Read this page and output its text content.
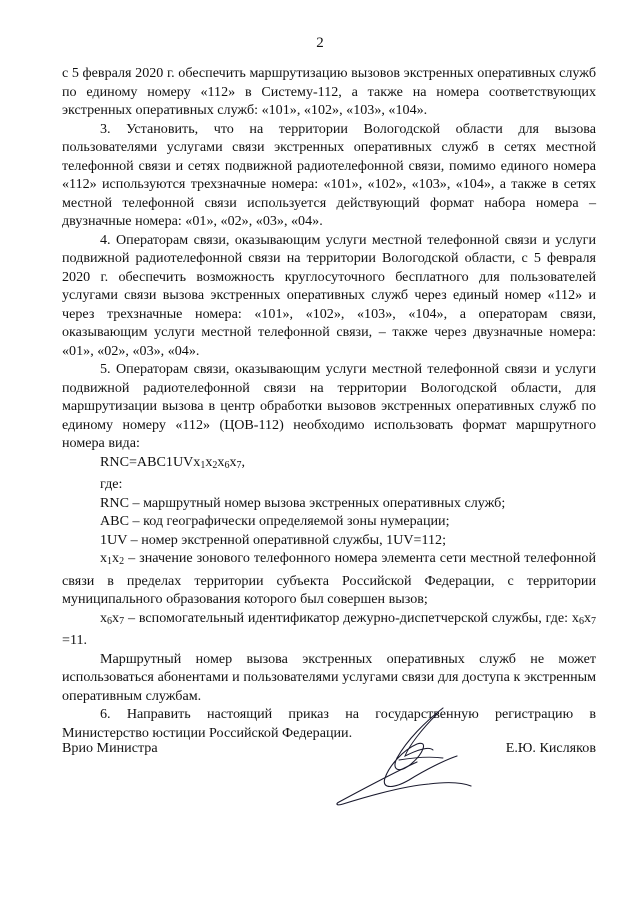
2

с 5 февраля 2020 г. обеспечить маршрутизацию вызовов экстренных оперативных служб по единому номеру «112» в Систему-112, а также на номера соответствующих экстренных оперативных служб: «101», «102», «103», «104».

3. Установить, что на территории Вологодской области для вызова пользователями услугами связи экстренных оперативных служб в сетях местной телефонной связи и сетях подвижной радиотелефонной связи, помимо единого номера «112» используются трехзначные номера: «101», «102», «103», «104», а также в сетях местной телефонной связи используется действующий формат набора номера – двузначные номера: «01», «02», «03», «04».

4. Операторам связи, оказывающим услуги местной телефонной связи и услуги подвижной радиотелефонной связи на территории Вологодской области, с 5 февраля 2020 г. обеспечить возможность круглосуточного бесплатного для пользователей услугами связи вызова экстренных оперативных служб через единый номер «112» и через трехзначные номера: «101», «102», «103», «104», а операторам связи, оказывающим услуги местной телефонной связи, – также через двузначные номера: «01», «02», «03», «04».

5. Операторам связи, оказывающим услуги местной телефонной связи и услуги подвижной радиотелефонной связи на территории Вологодской области, для маршрутизации вызова в центр обработки вызовов экстренных оперативных служб по единому номеру «112» (ЦОВ-112) необходимо использовать формат маршрутного номера вида:

$RNC=ABC1UVx_1x_2x_6x_7$,

где:

RNC – маршрутный номер вызова экстренных оперативных служб;

ABC – код географически определяемой зоны нумерации;

1UV – номер экстренной оперативной службы, 1UV=112;

$x_1x_2$ – значение зонового телефонного номера элемента сети местной телефонной связи в пределах территории субъекта Российской Федерации, с территории муниципального образования которого был совершен вызов;

$x_6x_7$ – вспомогательный идентификатор дежурно-диспетчерской службы, где: $x_6x_7 =11$.

Маршрутный номер вызова экстренных оперативных служб не может использоваться абонентами и пользователями услугами связи для доступа к экстренным оперативным службам.

6. Направить настоящий приказ на государственную регистрацию в Министерство юстиции Российской Федерации.

Врио Министра	Е.Ю. Кисляков
